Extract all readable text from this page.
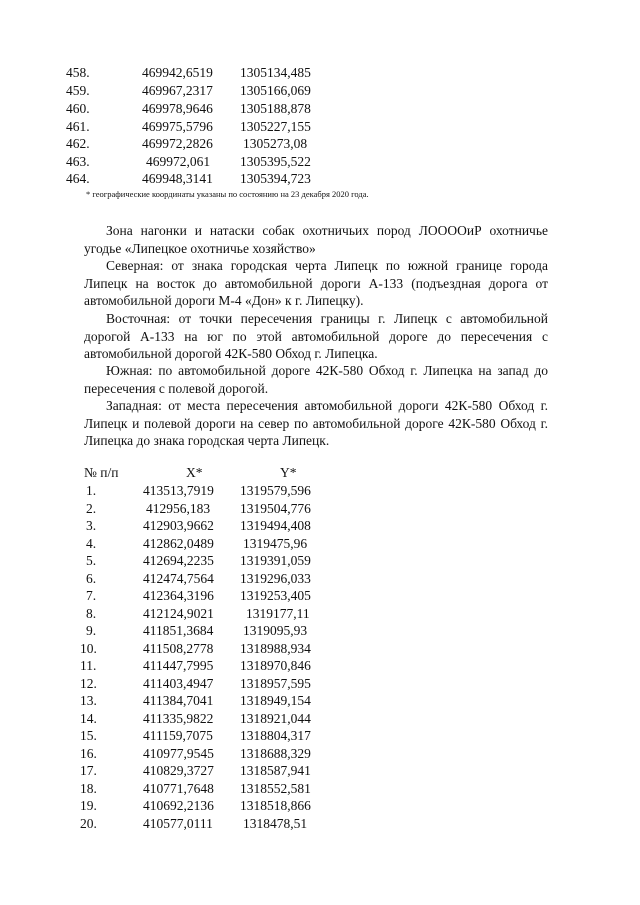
458.	469942,6519 1305134,485
459.	469967,2317 1305166,069
460.	469978,9646 1305188,878
461.	469975,5796 1305227,155
462.	469972,2826 1305273,08
463.	469972,061 1305395,522
464.	469948,3141 1305394,723
* географические координаты указаны по состоянию на 23 декабря 2020 года.
Зона нагонки и натаски собак охотничьих пород ЛООООиР охотничье угодье «Липецкое охотничье хозяйство»
Северная: от знака городская черта Липецк по южной границе города Липецк на восток до автомобильной дороги А-133 (подъездная дорога от автомобильной дороги М-4 «Дон» к г. Липецку).
Восточная: от точки пересечения границы г. Липецк с автомобильной дорогой А-133 на юг по этой автомобильной дороге до пересечения с автомобильной дорогой 42К-580 Обход г. Липецка.
Южная: по автомобильной дороге 42К-580 Обход г. Липецка на запад до пересечения с полевой дорогой.
Западная: от места пересечения автомобильной дороги 42К-580 Обход г. Липецк и полевой дороги на север по автомобильной дороге 42К-580 Обход г. Липецка до знака городская черта Липецк.
№ п/п	X*	Y*
1.	413513,7919 1319579,596
2.	412956,183 1319504,776
3.	412903,9662 1319494,408
4.	412862,0489 1319475,96
5.	412694,2235 1319391,059
6.	412474,7564 1319296,033
7.	412364,3196 1319253,405
8.	412124,9021 1319177,11
9.	411851,3684 1319095,93
10.	411508,2778 1318988,934
11.	411447,7995 1318970,846
12.	411403,4947 1318957,595
13.	411384,7041 1318949,154
14.	411335,9822 1318921,044
15.	411159,7075 1318804,317
16.	410977,9545 1318688,329
17.	410829,3727 1318587,941
18.	410771,7648 1318552,581
19.	410692,2136 1318518,866
20.	410577,0111 1318478,51
